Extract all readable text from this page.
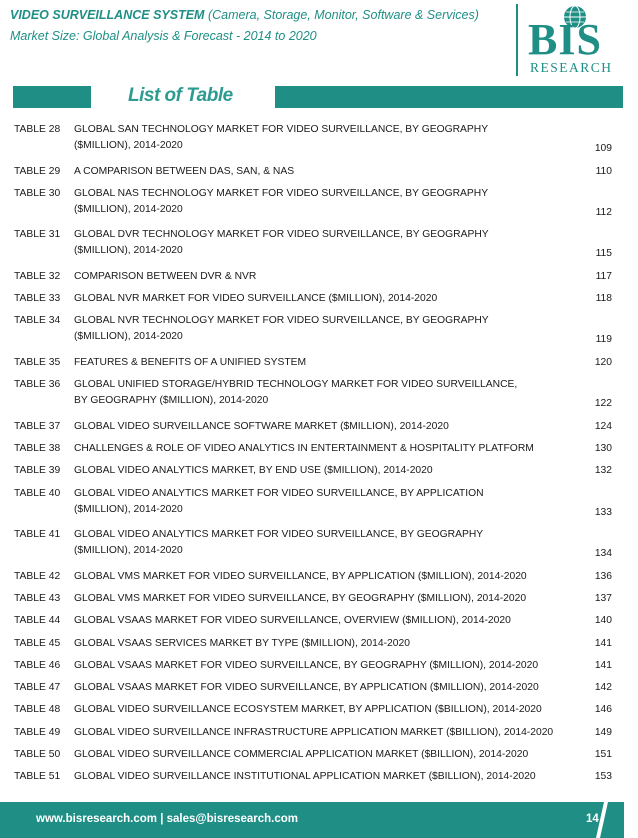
VIDEO SURVEILLANCE SYSTEM (Camera, Storage, Monitor, Software & Services)
Market Size: Global Analysis & Forecast - 2014 to 2020	BIS
RESEARCH
List of Table
TABLE 28 GLOBAL SAN TECHNOLOGY MARKET FOR VIDEO SURVEILLANCE, BY GEOGRAPHY
($MILLION), 2014-2020	109
TABLE 29 A COMPARISON BETWEEN DAS, SAN, & NAS	110
TABLE 30 GLOBAL NAS TECHNOLOGY MARKET FOR VIDEO SURVEILLANCE, BY GEOGRAPHY
($MILLION), 2014-2020	112
TABLE 31 GLOBAL DVR TECHNOLOGY MARKET FOR VIDEO SURVEILLANCE, BY GEOGRAPHY
($MILLION), 2014-2020	115
TABLE 32 COMPARISON BETWEEN DVR & NVR	117
TABLE 33 GLOBAL NVR MARKET FOR VIDEO SURVEILLANCE ($MILLION), 2014-2020	118
TABLE 34 GLOBAL NVR TECHNOLOGY MARKET FOR VIDEO SURVEILLANCE, BY GEOGRAPHY
($MILLION), 2014-2020	119
TABLE 35 FEATURES & BENEFITS OF A UNIFIED SYSTEM	120
TABLE 36 GLOBAL UNIFIED STORAGE/HYBRID TECHNOLOGY MARKET FOR VIDEO SURVEILLANCE,
BY GEOGRAPHY ($MILLION), 2014-2020	122
TABLE 37 GLOBAL VIDEO SURVEILLANCE SOFTWARE MARKET ($MILLION), 2014-2020	124
TABLE 38 CHALLENGES & ROLE OF VIDEO ANALYTICS IN ENTERTAINMENT & HOSPITALITY PLATFORM	130
TABLE 39 GLOBAL VIDEO ANALYTICS MARKET, BY END USE ($MILLION), 2014-2020	132
TABLE 40 GLOBAL VIDEO ANALYTICS MARKET FOR VIDEO SURVEILLANCE, BY APPLICATION
($MILLION), 2014-2020	133
TABLE 41 GLOBAL VIDEO ANALYTICS MARKET FOR VIDEO SURVEILLANCE, BY GEOGRAPHY
($MILLION), 2014-2020	134
TABLE 42 GLOBAL VMS MARKET FOR VIDEO SURVEILLANCE, BY APPLICATION ($MILLION), 2014-2020	136
TABLE 43 GLOBAL VMS MARKET FOR VIDEO SURVEILLANCE, BY GEOGRAPHY ($MILLION), 2014-2020	137
TABLE 44 GLOBAL VSAAS MARKET FOR VIDEO SURVEILLANCE, OVERVIEW ($MILLION), 2014-2020	140
TABLE 45 GLOBAL VSAAS SERVICES MARKET BY TYPE ($MILLION), 2014-2020	141
TABLE 46 GLOBAL VSAAS MARKET FOR VIDEO SURVEILLANCE, BY GEOGRAPHY ($MILLION), 2014-2020	141
TABLE 47 GLOBAL VSAAS MARKET FOR VIDEO SURVEILLANCE, BY APPLICATION ($MILLION), 2014-2020	142
TABLE 48 GLOBAL VIDEO SURVEILLANCE ECOSYSTEM MARKET, BY APPLICATION ($BILLION), 2014-2020	146
TABLE 49 GLOBAL VIDEO SURVEILLANCE INFRASTRUCTURE APPLICATION MARKET ($BILLION), 2014-2020	149
TABLE 50 GLOBAL VIDEO SURVEILLANCE COMMERCIAL APPLICATION MARKET ($BILLION), 2014-2020	151
TABLE 51 GLOBAL VIDEO SURVEILLANCE INSTITUTIONAL APPLICATION MARKET ($BILLION), 2014-2020	153
www.bisresearch.com | sales@bisresearch.com	14
